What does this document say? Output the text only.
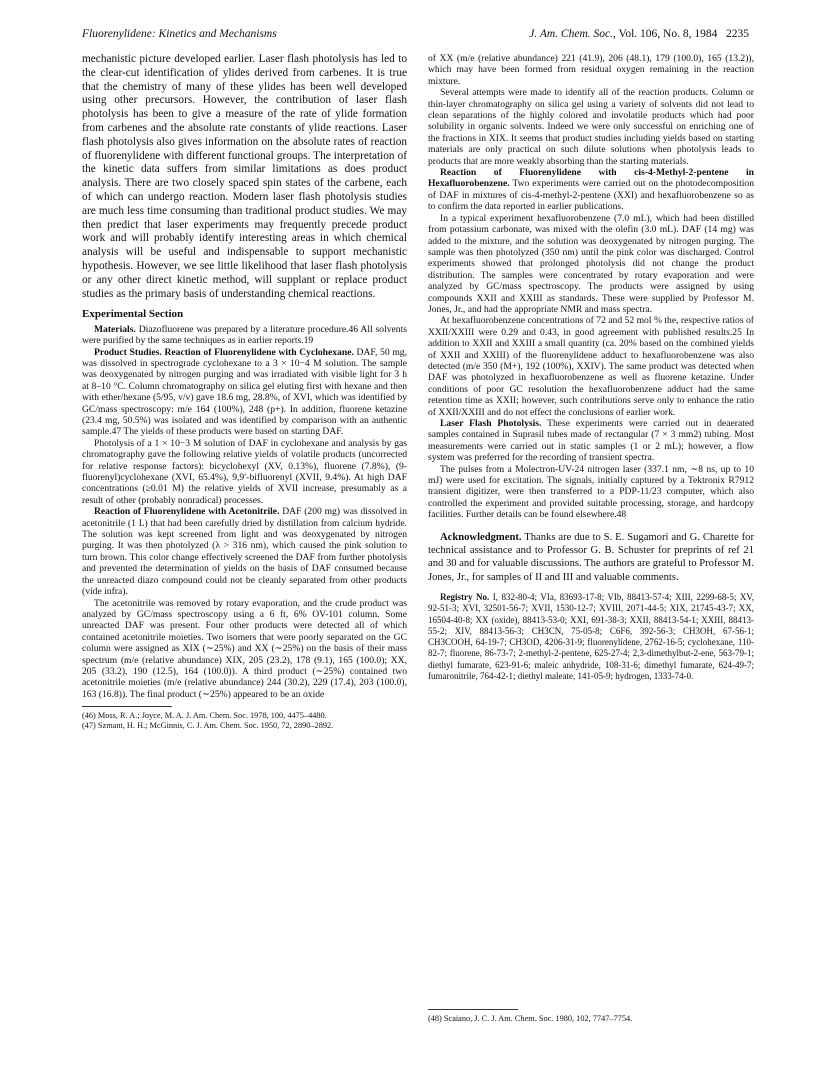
Fluorenylidene: Kinetics and Mechanisms	J. Am. Chem. Soc., Vol. 106, No. 8, 1984 2235

mechanistic picture developed earlier. Laser flash photolysis has led to the clear-cut identification of ylides derived from carbenes. It is true that the chemistry of many of these ylides has been well developed using other precursors. However, the contribution of laser flash photolysis has been to give a measure of the rate of ylide formation from carbenes and the absolute rate constants of ylide reactions. Laser flash photolysis also gives information on the absolute rates of reaction of fluorenylidene with different functional groups. The interpretation of the kinetic data suffers from similar limitations as does product analysis. There are two closely spaced spin states of the carbene, each of which can undergo reaction. Modern laser flash photolysis studies are much less time consuming than traditional product studies. We may then predict that laser experiments may frequently precede product work and will probably identify interesting areas in which chemical analysis will be useful and indispensable to support mechanistic hypothesis. However, we see little likelihood that laser flash photolysis or any other direct kinetic method, will supplant or replace product studies as the primary basis of understanding chemical reactions.

Experimental Section

Materials. Diazofluorene was prepared by a literature procedure.46 All solvents were purified by the same techniques as in earlier reports.19

Product Studies. Reaction of Fluorenylidene with Cyclohexane. DAF, 50 mg, was dissolved in spectrograde cyclohexane to a 3 × 10−4 M solution. The sample was deoxygenated by nitrogen purging and was irradiated with visible light for 3 h at 8–10 °C. Column chromatography on silica gel eluting first with hexane and then with ether/hexane (5/95, v/v) gave 18.6 mg, 28.8%, of XVI, which was identified by GC/mass spectroscopy: m/e 164 (100%), 248 (p+). In addition, fluorene ketazine (23.4 mg, 50.5%) was isolated and was identified by comparison with an authentic sample.47 The yields of these products were based on starting DAF.

Photolysis of a 1 × 10−3 M solution of DAF in cyclohexane and analysis by gas chromatography gave the following relative yields of volatile products (uncorrected for relative response factors): bicyclohexyl (XV, 0.13%), fluorene (7.8%), (9-fluorenyl)cyclohexane (XVI, 65.4%), 9,9′-bifluorenyl (XVII, 9.4%). At high DAF concentrations (≥0.01 M) the relative yields of XVII increase, presumably as a result of other (probably nonradical) processes.

Reaction of Fluorenylidene with Acetonitrile. DAF (200 mg) was dissolved in acetonitrile (1 L) that had been carefully dried by distillation from calcium hydride. The solution was kept screened from light and was deoxygenated by nitrogen purging. It was then photolyzed (λ > 316 nm), which caused the pink solution to turn brown. This color change effectively screened the DAF from further photolysis and prevented the determination of yields on the basis of DAF consumed because the unreacted diazo compound could not be cleanly separated from other products (vide infra).

The acetonitrile was removed by rotary evaporation, and the crude product was analyzed by GC/mass spectroscopy using a 6 ft, 6% OV-101 column. Some unreacted DAF was present. Four other products were detected all of which contained acetonitrile moieties. Two isomers that were poorly separated on the GC column were assigned as XIX (∼25%) and XX (∼25%) on the basis of their mass spectrum (m/e (relative abundance) XIX, 205 (23.2), 178 (9.1), 165 (100.0); XX, 205 (33.2), 190 (12.5), 164 (100.0)). A third product (∼25%) contained two acetonitrile moieties (m/e (relative abundance) 244 (30.2), 229 (17.4), 203 (100.0), 163 (16.8)). The final product (∼25%) appeared to be an oxide

(46) Moss, R. A.; Joyce, M. A. J. Am. Chem. Soc. 1978, 100, 4475–4480.

(47) Szmant, H. H.; McGinnis, C. J. Am. Chem. Soc. 1950, 72, 2890–2892.

of XX (m/e (relative abundance) 221 (41.9), 206 (48.1), 179 (100.0), 165 (13.2)), which may have been formed from residual oxygen remaining in the reaction mixture.

Several attempts were made to identify all of the reaction products. Column or thin-layer chromatography on silica gel using a variety of solvents did not lead to clean separations of the highly colored and involatile products which had poor solubility in organic solvents. Indeed we were only successful on enriching one of the fractions in XIX. It seems that product studies including yields based on starting materials are only practical on such dilute solutions when photolysis leads to products that are more weakly absorbing than the starting materials.

Reaction of Fluorenylidene with cis-4-Methyl-2-pentene in Hexafluorobenzene. Two experiments were carried out on the photodecomposition of DAF in mixtures of cis-4-methyl-2-pentene (XXI) and hexafluorobenzene so as to confirm the data reported in earlier publications.

In a typical experiment hexafluorobenzene (7.0 mL), which had been distilled from potassium carbonate, was mixed with the olefin (3.0 mL). DAF (14 mg) was added to the mixture, and the solution was deoxygenated by nitrogen purging. The sample was then photolyzed (350 nm) until the pink color was discharged. Control experiments showed that prolonged photolysis did not change the product distribution. The samples were concentrated by rotary evaporation and were analyzed by GC/mass spectroscopy. The products were assigned by using compounds XXII and XXIII as standards. These were supplied by Professor M. Jones, Jr., and had the appropriate NMR and mass spectra.

At hexafluorobenzene concentrations of 72 and 52 mol % the, respective ratios of XXII/XXIII were 0.29 and 0.43, in good agreement with published results.25 In addition to XXII and XXIII a small quantity (ca. 20% based on the combined yields of XXII and XXIII) of the fluorenylidene adduct to hexafluorobenzene was also detected (m/e 350 (M+), 192 (100%), XXIV). The same product was detected when DAF was photolyzed in hexafluorobenzene as well as fluorene ketazine. Under conditions of poor GC resolution the hexafluorobenzene adduct had the same retention time as XXII; however, such contributions serve only to enhance the ratio of XXII/XXIII and do not effect the conclusions of earlier work.

Laser Flash Photolysis. These experiments were carried out in deaerated samples contained in Suprasil tubes made of rectangular (7 × 3 mm2) tubing. Most measurements were carried out in static samples (1 or 2 mL); however, a flow system was preferred for the recording of transient spectra.

The pulses from a Molectron-UV-24 nitrogen laser (337.1 nm, ∼8 ns, up to 10 mJ) were used for excitation. The signals, initially captured by a Tektronix R7912 transient digitizer, were then transferred to a PDP-11/23 computer, which also controlled the experiment and provided suitable processing, storage, and hardcopy facilities. Further details can be found elsewhere.48

Acknowledgment. Thanks are due to S. E. Sugamori and G. Charette for technical assistance and to Professor G. B. Schuster for preprints of ref 21 and 30 and for valuable discussions. The authors are grateful to Professor M. Jones, Jr., for samples of II and III and valuable comments.

Registry No. I, 832-80-4; VIa, 83693-17-8; VIb, 88413-57-4; XIII, 2299-68-5; XV, 92-51-3; XVI, 32501-56-7; XVII, 1530-12-7; XVIII, 2071-44-5; XIX, 21745-43-7; XX, 16504-40-8; XX (oxide), 88413-53-0; XXI, 691-38-3; XXII, 88413-54-1; XXIII, 88413-55-2; XIV, 88413-56-3; CH3CN, 75-05-8; C6F6, 392-56-3; CH3OH, 67-56-1; CH3COOH, 64-19-7; CH3OD, 4206-31-9; fluorenylidene, 2762-16-5; cyclohexane, 110-82-7; fluorene, 86-73-7; 2-methyl-2-pentene, 625-27-4; 2,3-dimethylbut-2-ene, 563-79-1; diethyl fumarate, 623-91-6; maleic anhydride, 108-31-6; dimethyl fumarate, 624-49-7; fumaronitrile, 764-42-1; diethyl maleate, 141-05-9; hydrogen, 1333-74-0.

(48) Scaiano, J. C. J. Am. Chem. Soc. 1980, 102, 7747–7754.
